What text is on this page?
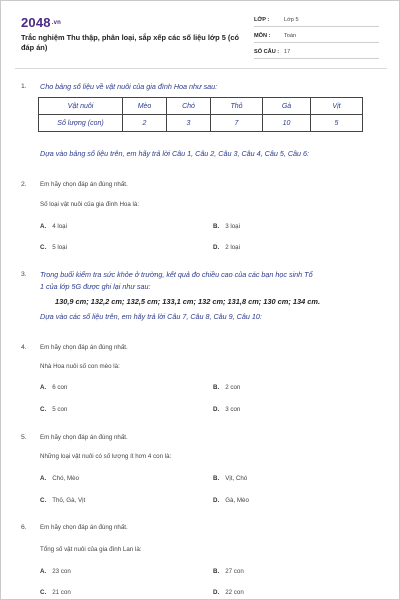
$2048^{.vn}$
Trắc nghiệm Thu thập, phân loại, sắp xếp các số liệu lớp 5 (có đáp án)
LỚP :	Lớp 5
MÔN : Toán
SỐ CÂU : 17
1. Cho bảng số liệu về vật nuôi của gia đình Hoa như sau:
Vật nuôi	Mèo	Chó	Thỏ	Gà	Vịt
Số lượng (con)	2	3	7	10	5
Dựa vào bảng số liệu trên, em hãy trả lời Câu 1, Câu 2, Câu 3, Câu 4, Câu 5, Câu 6:
2. Em hãy chọn đáp án đúng nhất.
Số loại vật nuôi của gia đình Hoa là:
A. 4 loại	B. 3 loại
C. 5 loại	D. 2 loại
3. Trong buổi kiểm tra sức khỏe ở trường, kết quả đo chiều cao của các bạn học sinh Tổ
1 của lớp 5G được ghi lại như sau:
130,9 cm; 132,2 cm; 132,5 cm; 133,1 cm; 132 cm; 131,8 cm; 130 cm; 134 cm.
Dựa vào các số liệu trên, em hãy trả lời Câu 7, Câu 8, Câu 9, Câu 10:
4. Em hãy chọn đáp án đúng nhất.
Nhà Hoa nuôi số con mèo là:
A. 6 con	B. 2 con
C. 5 con	D. 3 con
5. Em hãy chọn đáp án đúng nhất.
Những loại vật nuôi có số lượng ít hơn 4 con là:
A. Chó, Mèo	B. Vịt, Chó
C. Thỏ, Gà, Vịt	D. Gà, Mèo
6. Em hãy chọn đáp án đúng nhất.
Tổng số vật nuôi của gia đình Lan là:
A. 23 con	B. 27 con
C. 21 con	D. 22 con
